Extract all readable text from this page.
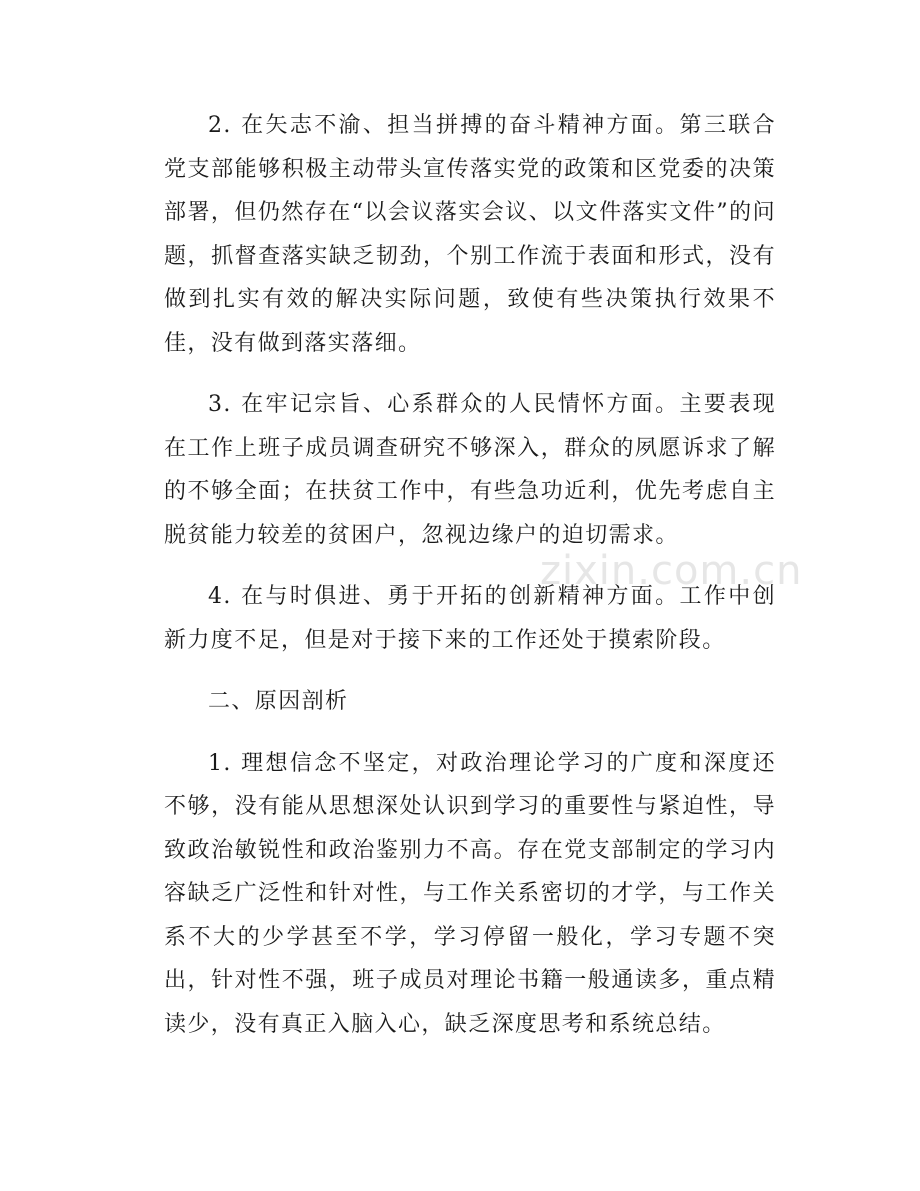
2. 在矢志不渝、担当拼搏的奋斗精神方面。第三联合党支部能够积极主动带头宣传落实党的政策和区党委的决策部署，但仍然存在“以会议落实会议、以文件落实文件”的问题，抓督查落实缺乏韧劲，个别工作流于表面和形式，没有做到扎实有效的解决实际问题，致使有些决策执行效果不佳，没有做到落实落细。

3. 在牢记宗旨、心系群众的人民情怀方面。主要表现在工作上班子成员调查研究不够深入，群众的夙愿诉求了解的不够全面；在扶贫工作中，有些急功近利，优先考虑自主脱贫能力较差的贫困户，忽视边缘户的迫切需求。

4. 在与时俱进、勇于开拓的创新精神方面。工作中创新力度不足，但是对于接下来的工作还处于摸索阶段。

二、原因剖析

1. 理想信念不坚定，对政治理论学习的广度和深度还不够，没有能从思想深处认识到学习的重要性与紧迫性，导致政治敏锐性和政治鉴别力不高。存在党支部制定的学习内容缺乏广泛性和针对性，与工作关系密切的才学，与工作关系不大的少学甚至不学，学习停留一般化，学习专题不突出，针对性不强，班子成员对理论书籍一般通读多，重点精读少，没有真正入脑入心，缺乏深度思考和系统总结。

zixin.com.cn
